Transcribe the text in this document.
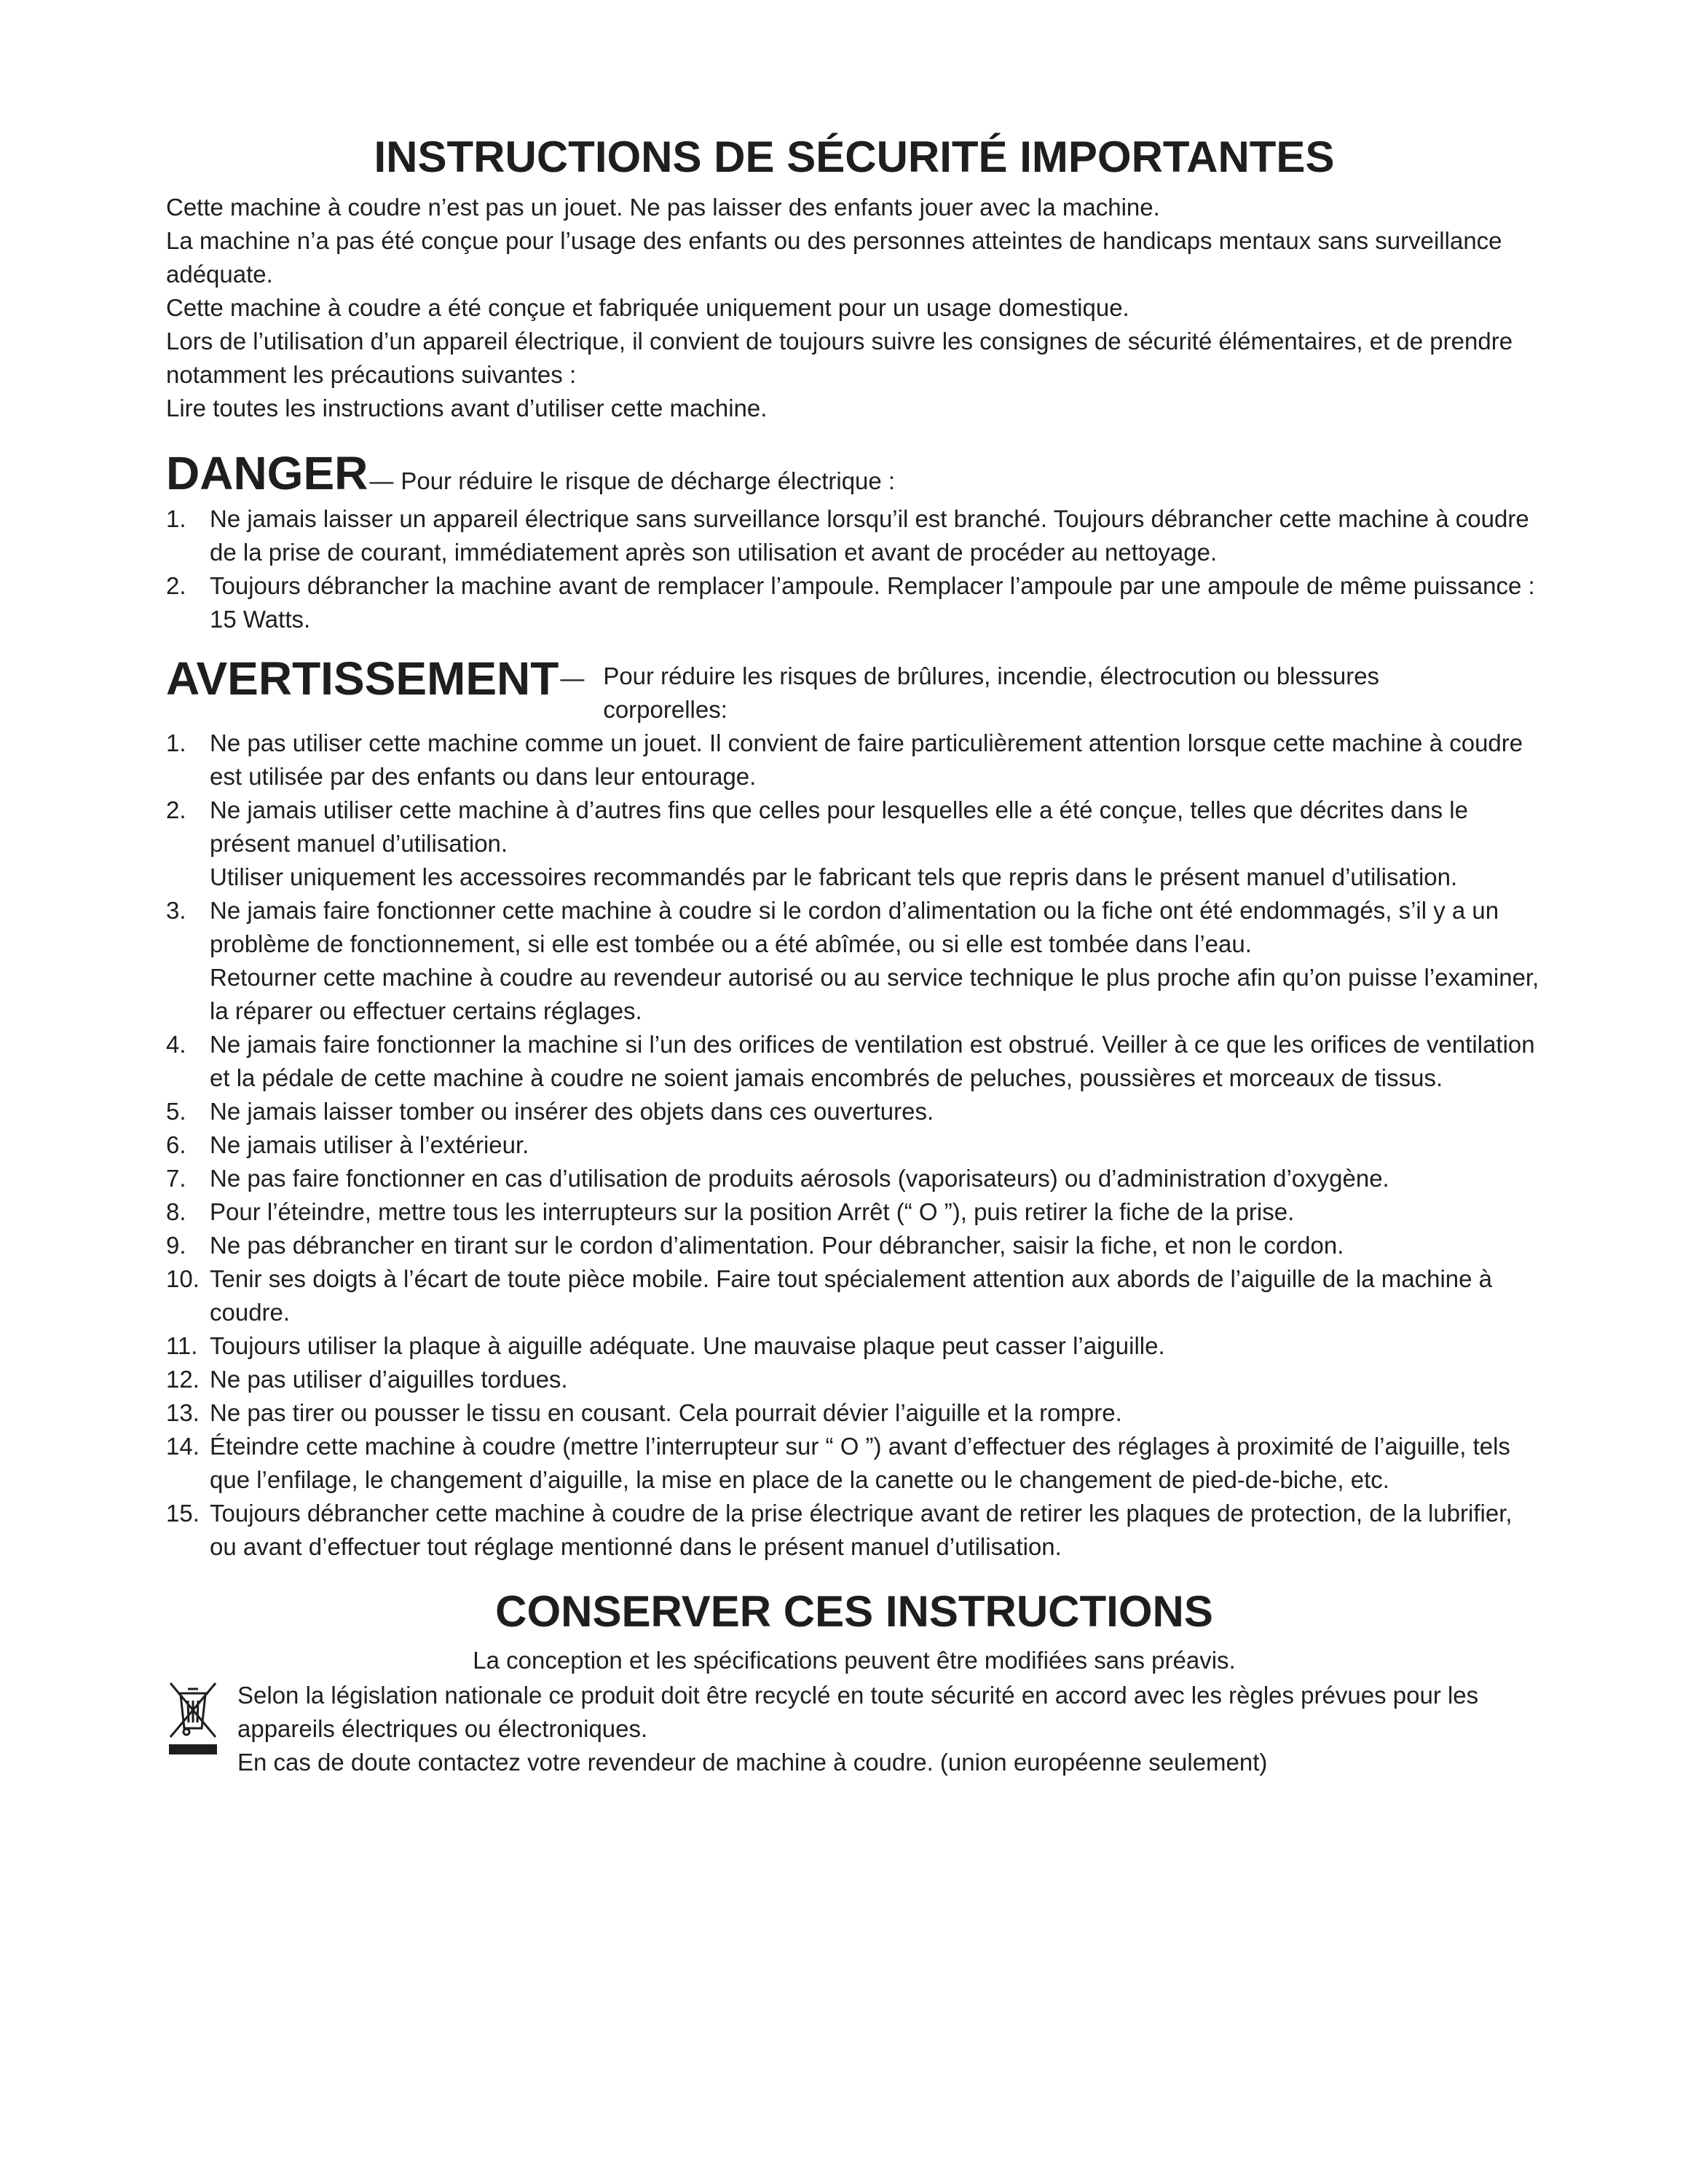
INSTRUCTIONS DE SÉCURITÉ IMPORTANTES

Cette machine à coudre n’est pas un jouet. Ne pas laisser des enfants jouer avec la machine.

La machine n’a pas été conçue pour l’usage des enfants ou des personnes atteintes de handicaps mentaux sans surveillance adéquate.

Cette machine à coudre a été conçue et fabriquée uniquement pour un usage domestique.

Lors de l’utilisation d’un appareil électrique, il convient de toujours suivre les consignes de sécurité élémentaires, et de prendre notamment les précautions suivantes :

Lire toutes les instructions avant d’utiliser cette machine.

DANGER — Pour réduire le risque de décharge électrique :
1. Ne jamais laisser un appareil électrique sans surveillance lorsqu’il est branché. Toujours débrancher cette machine à coudre de la prise de courant, immédiatement après son utilisation et avant de procéder au nettoyage.
2. Toujours débrancher la machine avant de remplacer l’ampoule. Remplacer l’ampoule par une ampoule de même puissance : 15 Watts.
AVERTISSEMENT — Pour réduire les risques de brûlures, incendie, électrocution ou blessures corporelles:
1. Ne pas utiliser cette machine comme un jouet. Il convient de faire particulièrement attention lorsque cette machine à coudre est utilisée par des enfants ou dans leur entourage.
2. Ne jamais utiliser cette machine à d’autres fins que celles pour lesquelles elle a été conçue, telles que décrites dans le présent manuel d’utilisation.
Utiliser uniquement les accessoires recommandés par le fabricant tels que repris dans le présent manuel d’utilisation.
3. Ne jamais faire fonctionner cette machine à coudre si le cordon d’alimentation ou la fiche ont été endommagés, s’il y a un problème de fonctionnement, si elle est tombée ou a été abîmée, ou si elle est tombée dans l’eau.
Retourner cette machine à coudre au revendeur autorisé ou au service technique le plus proche afin qu’on puisse l’examiner, la réparer ou effectuer certains réglages.
4. Ne jamais faire fonctionner la machine si l’un des orifices de ventilation est obstrué. Veiller à ce que les orifices de ventilation et la pédale de cette machine à coudre ne soient jamais encombrés de peluches, poussières et morceaux de tissus.
5. Ne jamais laisser tomber ou insérer des objets dans ces ouvertures.
6. Ne jamais utiliser à l’extérieur.
7. Ne pas faire fonctionner en cas d’utilisation de produits aérosols (vaporisateurs) ou d’administration d’oxygène.
8. Pour l’éteindre, mettre tous les interrupteurs sur la position Arrêt (“ O ”), puis retirer la fiche de la prise.
9. Ne pas débrancher en tirant sur le cordon d’alimentation. Pour débrancher, saisir la fiche, et non le cordon.
10. Tenir ses doigts à l’écart de toute pièce mobile. Faire tout spécialement attention aux abords de l’aiguille de la machine à coudre.
11. Toujours utiliser la plaque à aiguille adéquate. Une mauvaise plaque peut casser l’aiguille.
12. Ne pas utiliser d’aiguilles tordues.
13. Ne pas tirer ou pousser le tissu en cousant. Cela pourrait dévier l’aiguille et la rompre.
14. Éteindre cette machine à coudre (mettre l’interrupteur sur “ O ”) avant d’effectuer des réglages à proximité de l’aiguille, tels que l’enfilage, le changement d’aiguille, la mise en place de la canette ou le changement de pied-de-biche, etc.
15. Toujours débrancher cette machine à coudre de la prise électrique avant de retirer les plaques de protection, de la lubrifier, ou avant d’effectuer tout réglage mentionné dans le présent manuel d’utilisation.
CONSERVER CES INSTRUCTIONS
La conception et les spécifications peuvent être modifiées sans préavis.

Selon la législation nationale ce produit doit être recyclé en toute sécurité en accord avec les règles prévues pour les appareils électriques ou électroniques.

En cas de doute contactez votre revendeur de machine à coudre. (union européenne seulement)
